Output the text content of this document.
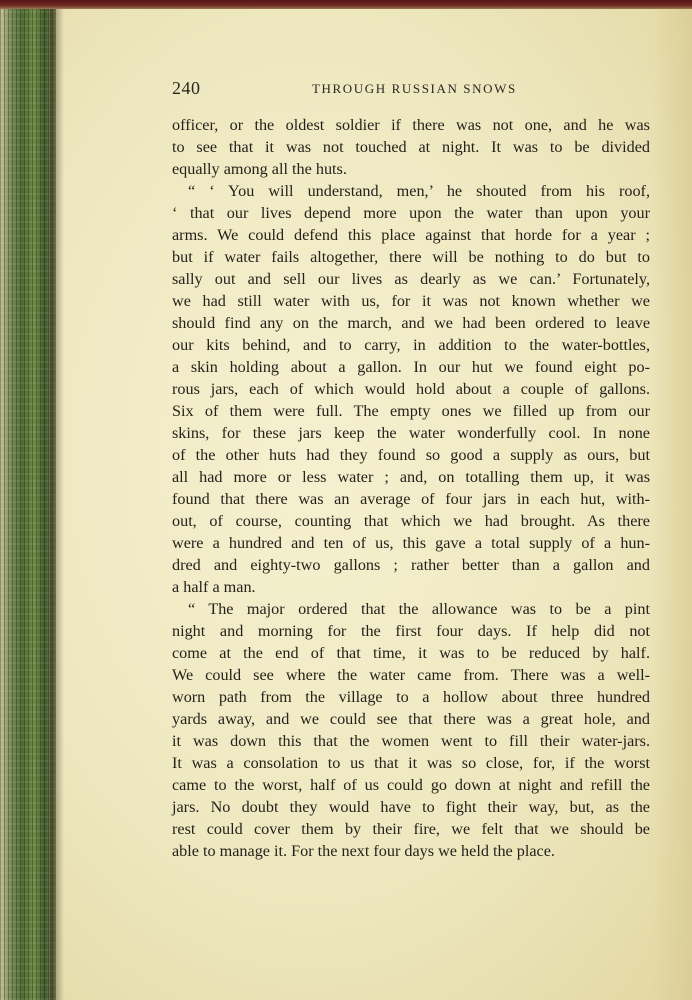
240	THROUGH RUSSIAN SNOWS
officer, or the oldest soldier if there was not one, and he was
to see that it was not touched at night. It was to be divided
equally among all the huts.
“ ‘ You will understand, men,’ he shouted from his roof,
‘ that our lives depend more upon the water than upon your
arms. We could defend this place against that horde for a year ;
but if water fails altogether, there will be nothing to do but to
sally out and sell our lives as dearly as we can.’ Fortunately,
we had still water with us, for it was not known whether we
should find any on the march, and we had been ordered to leave
our kits behind, and to carry, in addition to the water-bottles,
a skin holding about a gallon. In our hut we found eight po-
rous jars, each of which would hold about a couple of gallons.
Six of them were full. The empty ones we filled up from our
skins, for these jars keep the water wonderfully cool. In none
of the other huts had they found so good a supply as ours, but
all had more or less water ; and, on totalling them up, it was
found that there was an average of four jars in each hut, with-
out, of course, counting that which we had brought. As there
were a hundred and ten of us, this gave a total supply of a hun-
dred and eighty-two gallons ; rather better than a gallon and
a half a man.
“ The major ordered that the allowance was to be a pint
night and morning for the first four days. If help did not
come at the end of that time, it was to be reduced by half.
We could see where the water came from. There was a well-
worn path from the village to a hollow about three hundred
yards away, and we could see that there was a great hole, and
it was down this that the women went to fill their water-jars.
It was a consolation to us that it was so close, for, if the worst
came to the worst, half of us could go down at night and refill the
jars. No doubt they would have to fight their way, but, as the
rest could cover them by their fire, we felt that we should be
able to manage it. For the next four days we held the place.
